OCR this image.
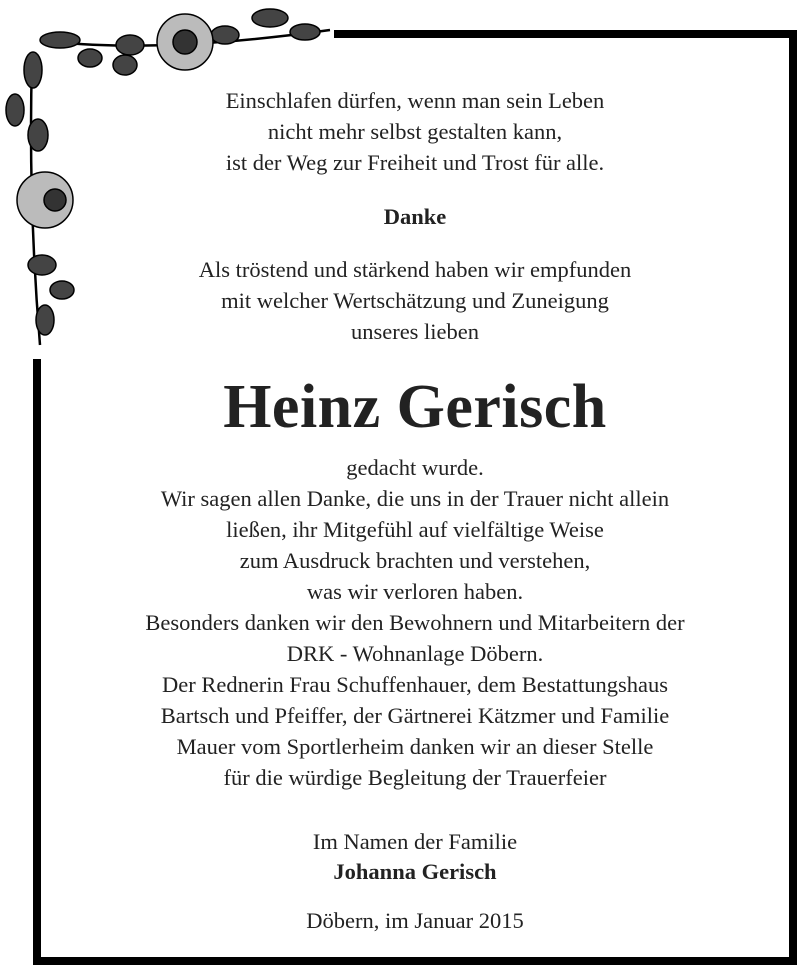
Einschlafen dürfen, wenn man sein Leben
nicht mehr selbst gestalten kann,
ist der Weg zur Freiheit und Trost für alle.
Danke
Als tröstend und stärkend haben wir empfunden
mit welcher Wertschätzung und Zuneigung
unseres lieben
Heinz Gerisch
gedacht wurde.
Wir sagen allen Danke, die uns in der Trauer nicht allein
ließen, ihr Mitgefühl auf vielfältige Weise
zum Ausdruck brachten und verstehen,
was wir verloren haben.
Besonders danken wir den Bewohnern und Mitarbeitern der
DRK - Wohnanlage Döbern.
Der Rednerin Frau Schuffenhauer, dem Bestattungshaus
Bartsch und Pfeiffer, der Gärtnerei Kätzmer und Familie
Mauer vom Sportlerheim danken wir an dieser Stelle
für die würdige Begleitung der Trauerfeier
Im Namen der Familie
Johanna Gerisch
Döbern, im Januar 2015
